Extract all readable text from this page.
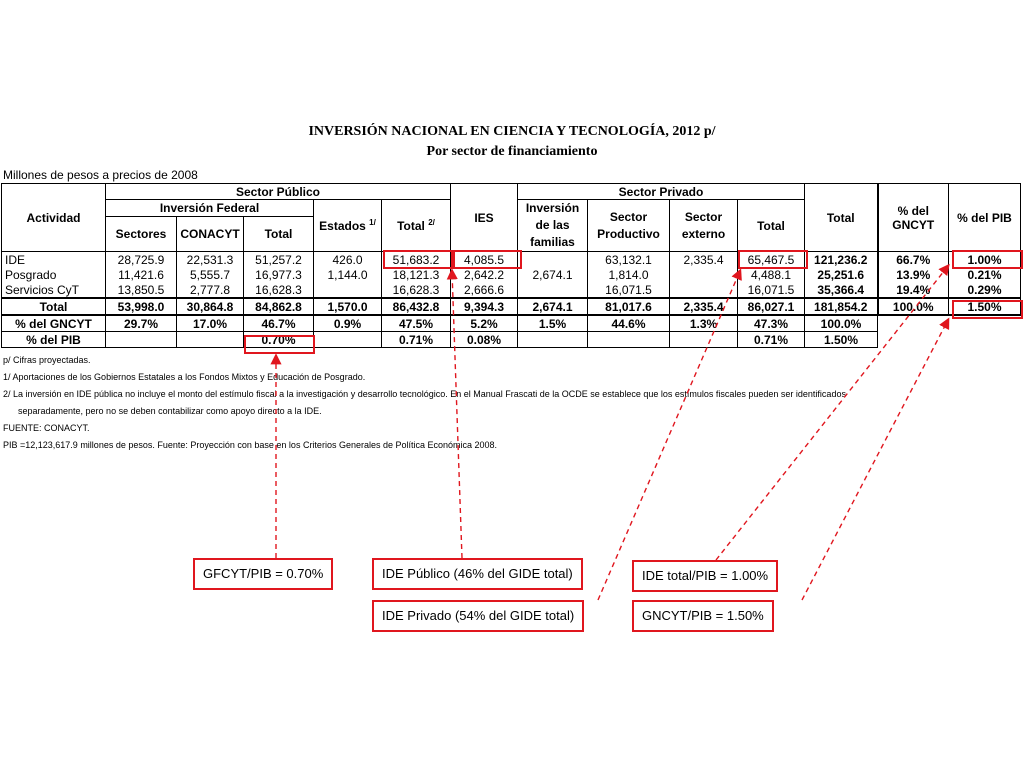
INVERSIÓN NACIONAL EN CIENCIA Y TECNOLOGÍA, 2012 p/
Por sector de financiamiento
Millones de pesos a precios de 2008
Actividad	Sector Público					IES	Sector Privado				Total	% del GNCYT	% del PIB
	Inversión Federal			Estados $^{1/}$	Total $^{2/}$		Inversión de las familias	Sector Productivo	Sector externo	Total			
	Sectores	CONACYT	Total										
IDE	28,725.9	22,531.3	51,257.2	426.0	51,683.2	4,085.5		63,132.1	2,335.4	65,467.5	121,236.2	66.7%	1.00%
Posgrado	11,421.6	5,555.7	16,977.3	1,144.0	18,121.3	2,642.2	2,674.1	1,814.0		4,488.1	25,251.6	13.9%	0.21%
Servicios CyT	13,850.5	2,777.8	16,628.3		16,628.3	2,666.6		16,071.5		16,071.5	35,366.4	19.4%	0.29%
Total	53,998.0	30,864.8	84,862.8	1,570.0	86,432.8	9,394.3	2,674.1	81,017.6	2,335.4	86,027.1	181,854.2	100.0%	1.50%
% del GNCYT	29.7%	17.0%	46.7%	0.9%	47.5%	5.2%	1.5%	44.6%	1.3%	47.3%	100.0%		
% del PIB			0.70%		0.71%	0.08%				0.71%	1.50%		
p/ Cifras proyectadas.
1/ Aportaciones de los Gobiernos Estatales a los Fondos Mixtos y Educación de Posgrado.
2/ La inversión en IDE pública no incluye el monto del estímulo fiscal a la investigación y desarrollo tecnológico. En el Manual Frascati de la OCDE se establece que los estímulos fiscales pueden ser identificados
separadamente, pero no se deben contabilizar como apoyo directo a la IDE.
FUENTE: CONACYT.
PIB =12,123,617.9 millones de pesos. Fuente: Proyección con base en los Criterios Generales de Política Económica 2008.
GFCYT/PIB = 0.70%	IDE Público (46% del GIDE total)	IDE total/PIB = 1.00%
IDE Privado (54% del GIDE total)	GNCYT/PIB = 1.50%
